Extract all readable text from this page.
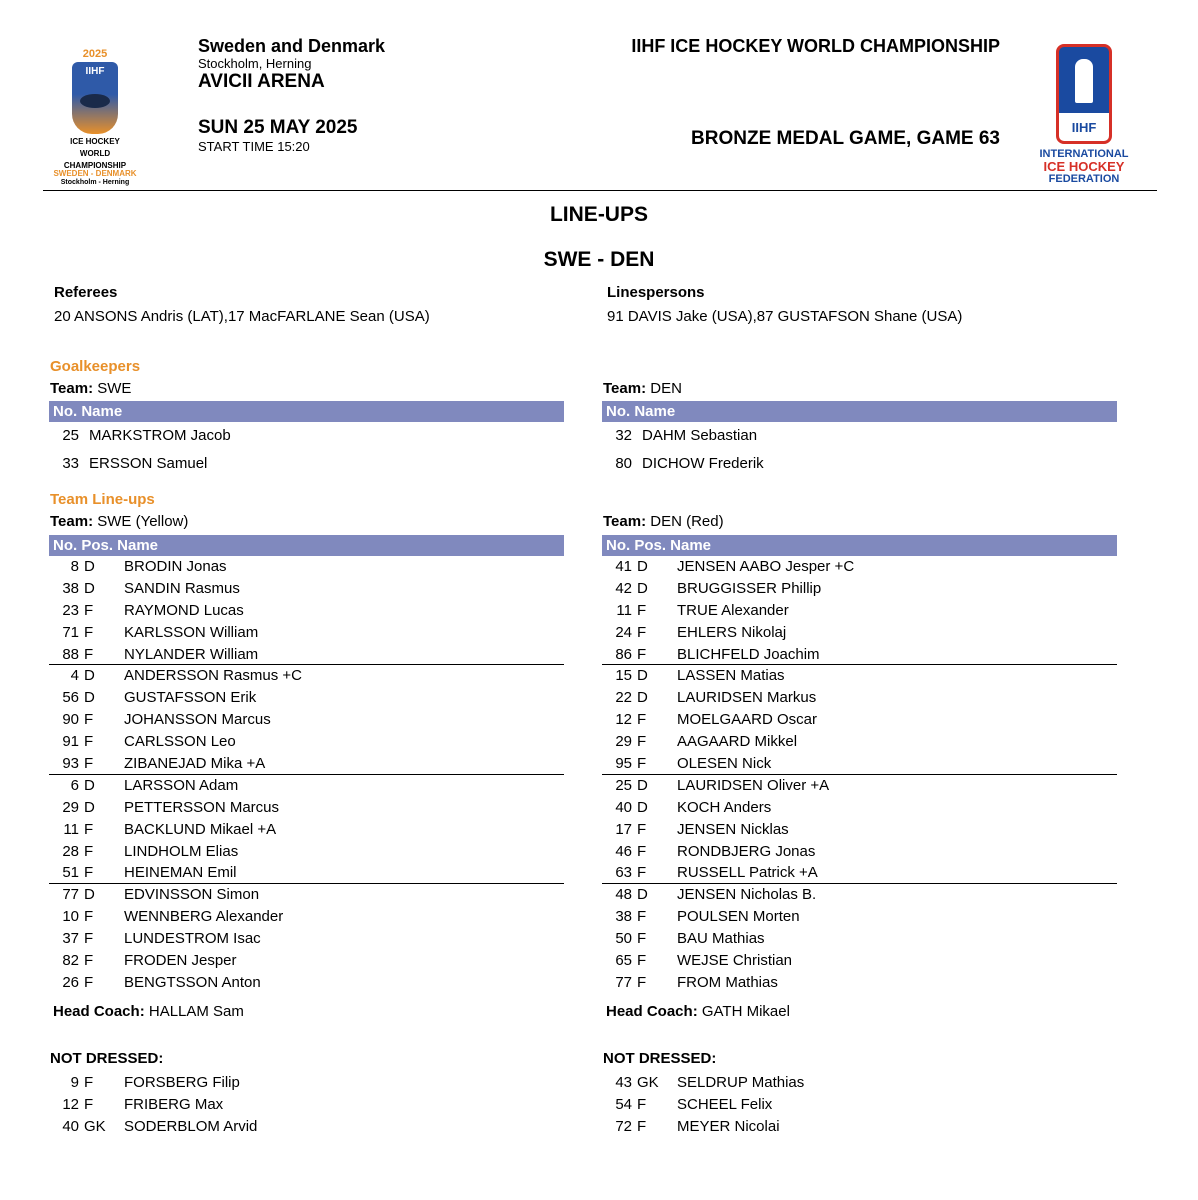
2025
IIHF
ICE HOCKEY
WORLD
CHAMPIONSHIP
SWEDEN - DENMARK
Stockholm - Herning
Sweden and Denmark
Stockholm, Herning
AVICII ARENA
SUN 25 MAY 2025
START TIME 15:20
IIHF ICE HOCKEY WORLD CHAMPIONSHIP
BRONZE MEDAL GAME, GAME 63
IIHF
INTERNATIONAL
ICE HOCKEY
FEDERATION
LINE-UPS
SWE - DEN
Referees
20 ANSONS Andris (LAT),17 MacFARLANE Sean (USA)
Linespersons
91 DAVIS Jake (USA),87 GUSTAFSON Shane (USA)
Goalkeepers
Team: SWE	Team: DEN
No. Name
25 MARKSTROM Jacob
33 ERSSON Samuel
No. Name
32 DAHM Sebastian
80 DICHOW Frederik
Team Line-ups
Team: SWE (Yellow)	Team: DEN (Red)
No. Pos. Name
8 D BRODIN Jonas
38 D SANDIN Rasmus
23 F RAYMOND Lucas
71 F KARLSSON William
88 F NYLANDER William
4 D ANDERSSON Rasmus +C
56 D GUSTAFSSON Erik
90 F JOHANSSON Marcus
91 F CARLSSON Leo
93 F ZIBANEJAD Mika +A
6 D LARSSON Adam
29 D PETTERSSON Marcus
11 F BACKLUND Mikael +A
28 F LINDHOLM Elias
51 F HEINEMAN Emil
77 D EDVINSSON Simon
10 F WENNBERG Alexander
37 F LUNDESTROM Isac
82 F FRODEN Jesper
26 F BENGTSSON Anton
No. Pos. Name
41 D JENSEN AABO Jesper +C
42 D BRUGGISSER Phillip
11 F TRUE Alexander
24 F EHLERS Nikolaj
86 F BLICHFELD Joachim
15 D LASSEN Matias
22 D LAURIDSEN Markus
12 F MOELGAARD Oscar
29 F AAGAARD Mikkel
95 F OLESEN Nick
25 D LAURIDSEN Oliver +A
40 D KOCH Anders
17 F JENSEN Nicklas
46 F RONDBJERG Jonas
63 F RUSSELL Patrick +A
48 D JENSEN Nicholas B.
38 F POULSEN Morten
50 F BAU Mathias
65 F WEJSE Christian
77 F FROM Mathias
Head Coach: HALLAM Sam	Head Coach: GATH Mikael
NOT DRESSED:	NOT DRESSED:
9 F FORSBERG Filip
12 F FRIBERG Max
40 GK SODERBLOM Arvid
43 GK SELDRUP Mathias
54 F SCHEEL Felix
72 F MEYER Nicolai
